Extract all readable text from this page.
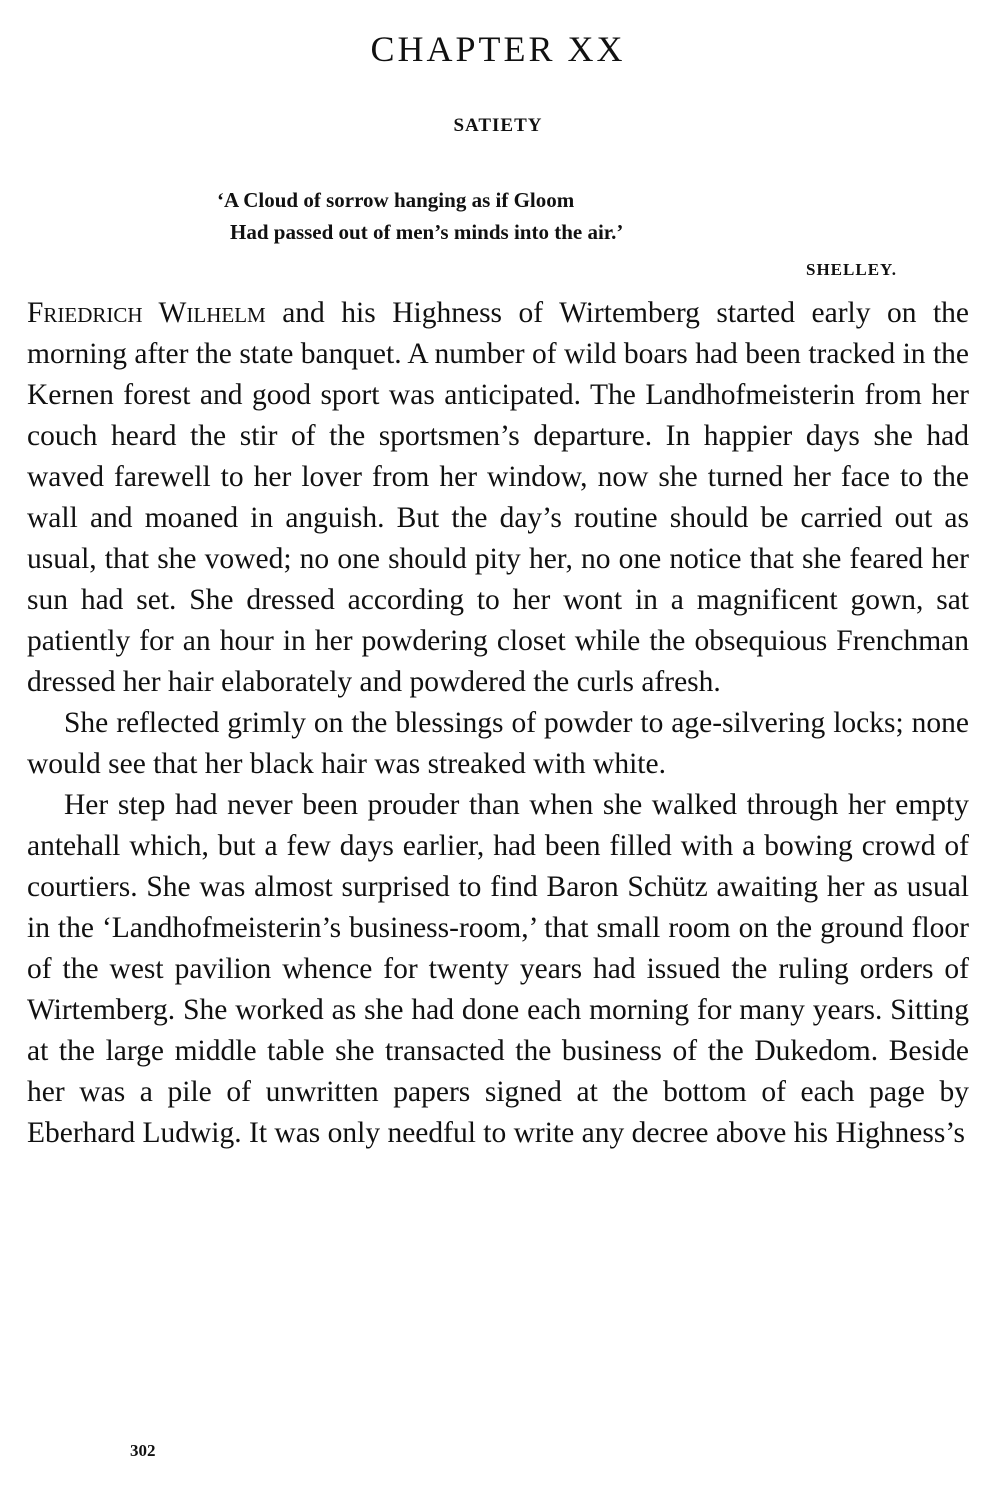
CHAPTER XX
SATIETY
‘A Cloud of sorrow hanging as if Gloom
Had passed out of men’s minds into the air.’
SHELLEY.

Friedrich Wilhelm and his Highness of Wirtemberg started early on the morning after the state banquet. A number of wild boars had been tracked in the Kernen forest and good sport was anticipated. The Landhofmeisterin from her couch heard the stir of the sportsmen’s departure. In happier days she had waved farewell to her lover from her window, now she turned her face to the wall and moaned in anguish. But the day’s routine should be carried out as usual, that she vowed; no one should pity her, no one notice that she feared her sun had set. She dressed according to her wont in a magnificent gown, sat patiently for an hour in her powdering closet while the obsequious Frenchman dressed her hair elaborately and powdered the curls afresh.

She reflected grimly on the blessings of powder to age-silvering locks; none would see that her black hair was streaked with white.

Her step had never been prouder than when she walked through her empty antehall which, but a few days earlier, had been filled with a bowing crowd of courtiers. She was almost surprised to find Baron Schütz awaiting her as usual in the ‘Landhofmeisterin’s business-room,’ that small room on the ground floor of the west pavilion whence for twenty years had issued the ruling orders of Wirtemberg. She worked as she had done each morning for many years. Sitting at the large middle table she transacted the business of the Dukedom. Beside her was a pile of unwritten papers signed at the bottom of each page by Eberhard Ludwig. It was only needful to write any decree above his Highness’s

302
